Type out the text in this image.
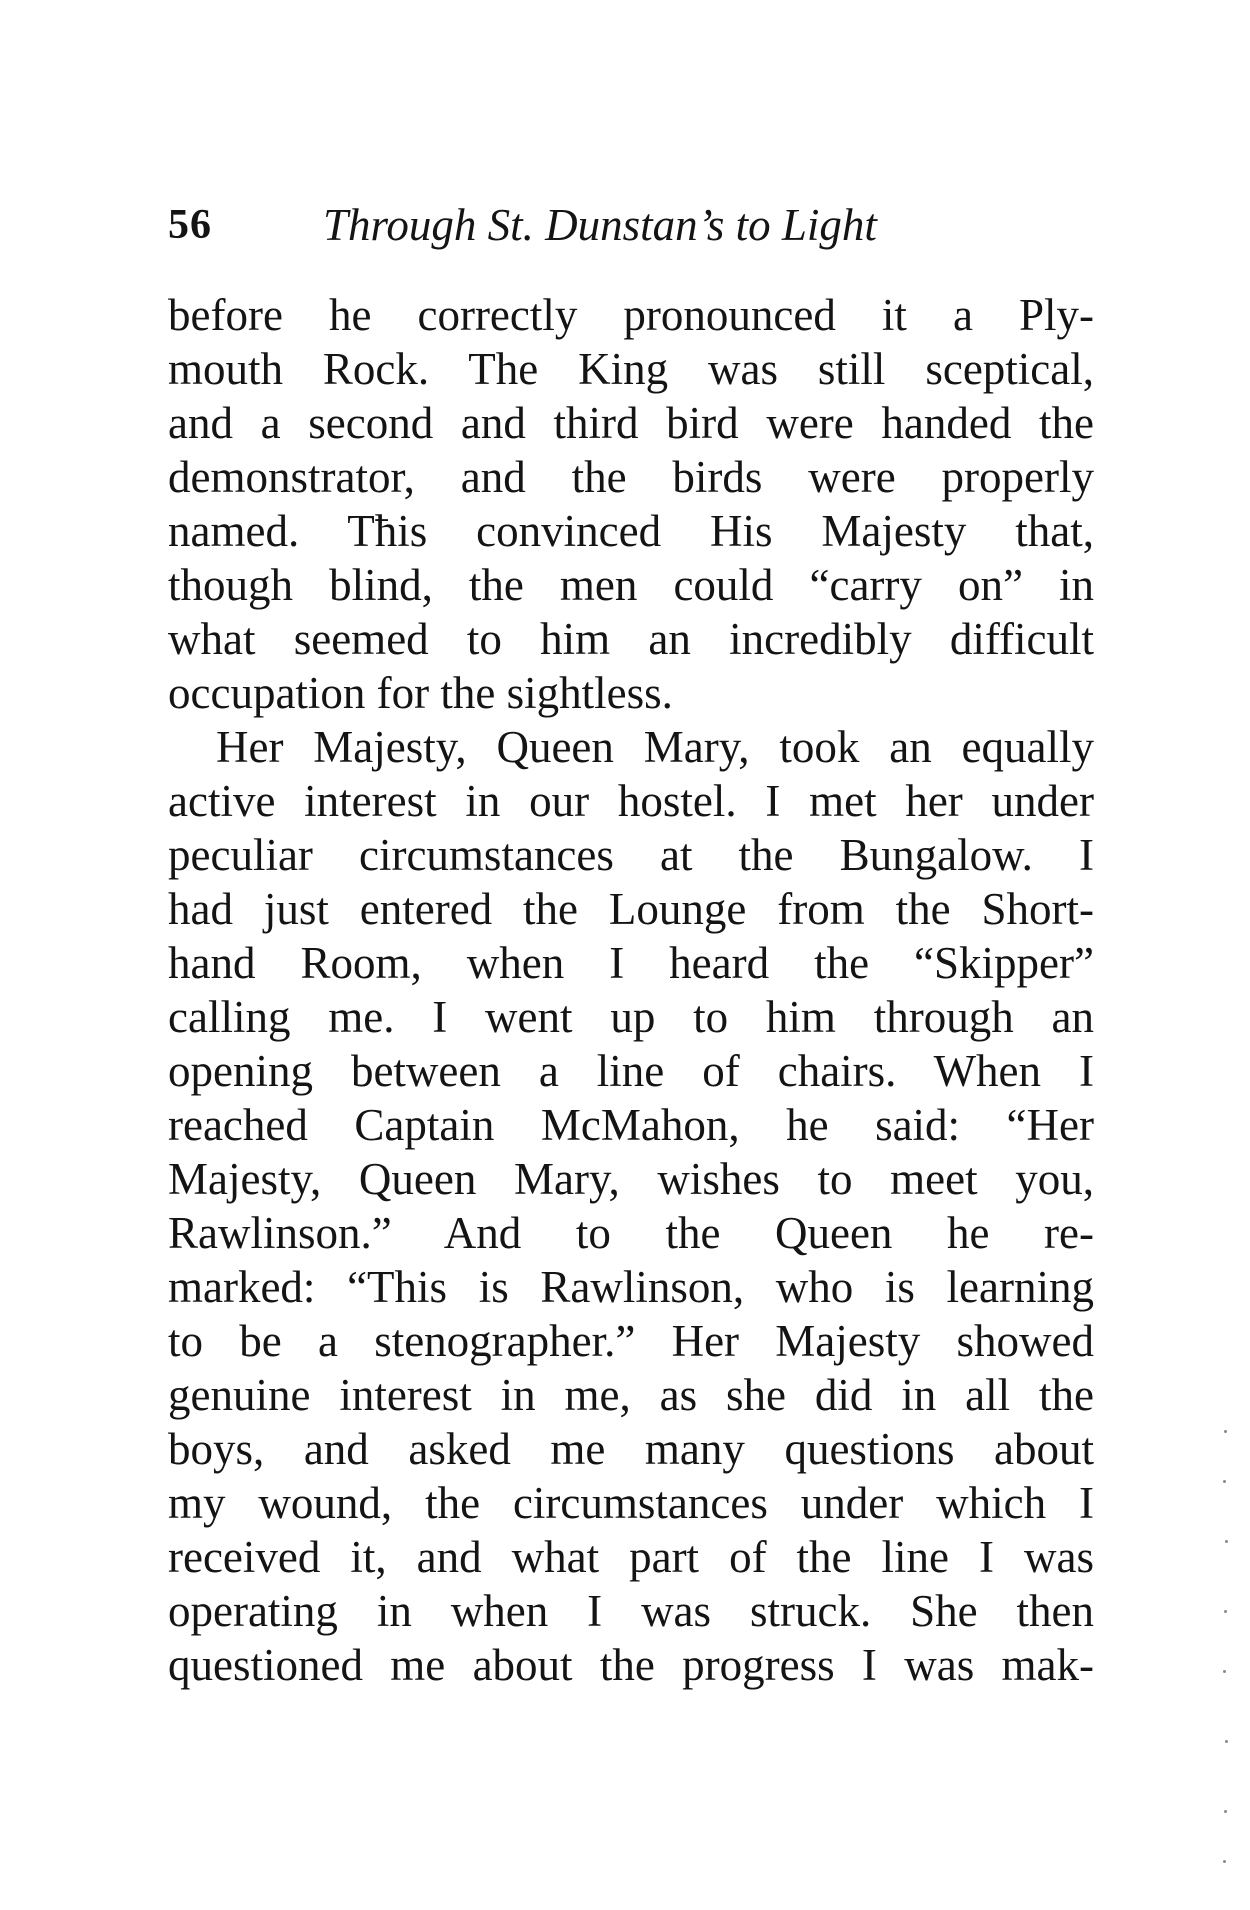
56 Through St. Dunstan’s to Light
before he correctly pronounced it a Ply-
mouth Rock. The King was still sceptical,
and a second and third bird were handed the
demonstrator, and the birds were properly
named. Tħis convinced His Majesty that,
though blind, the men could “carry on” in
what seemed to him an incredibly difficult
occupation for the sightless.
Her Majesty, Queen Mary, took an equally
active interest in our hostel. I met her under
peculiar circumstances at the Bungalow. I
had just entered the Lounge from the Short-
hand Room, when I heard the “Skipper”
calling me. I went up to him through an
opening between a line of chairs. When I
reached Captain McMahon, he said: “Her
Majesty, Queen Mary, wishes to meet you,
Rawlinson.” And to the Queen he re-
marked: “This is Rawlinson, who is learning
to be a stenographer.” Her Majesty showed
genuine interest in me, as she did in all the
boys, and asked me many questions about
my wound, the circumstances under which I
received it, and what part of the line I was
operating in when I was struck. She then
questioned me about the progress I was mak-
